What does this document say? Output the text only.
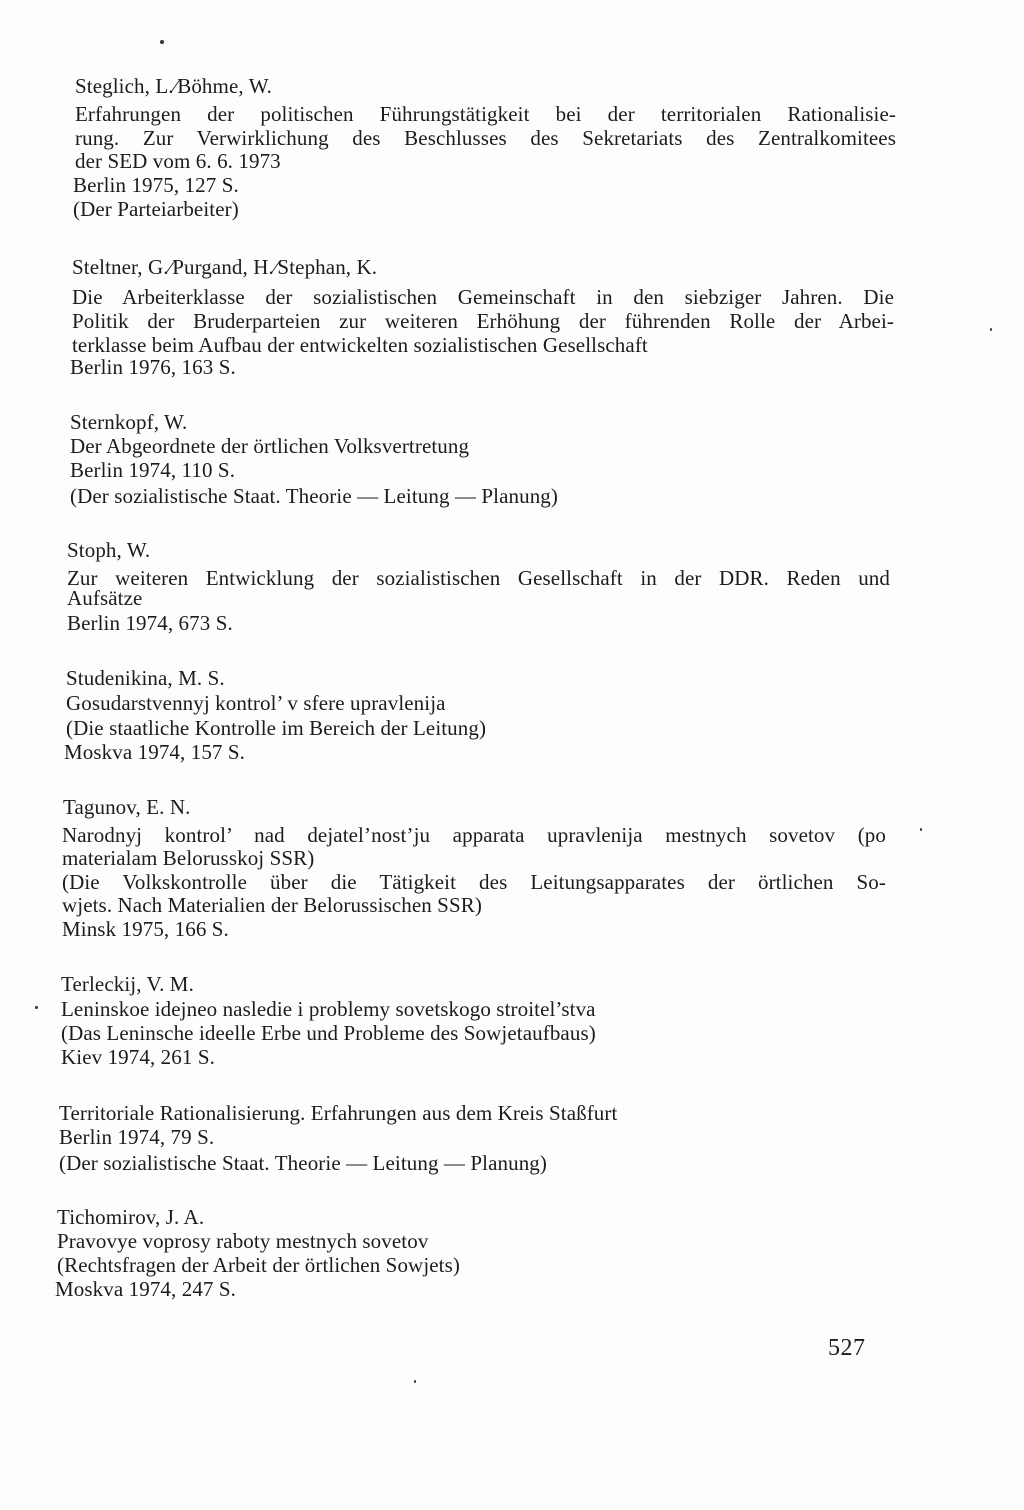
Steglich, L.⁄Böhme, W.
Erfahrungen der politischen Führungstätigkeit bei der territorialen Rationalisie-
rung. Zur Verwirklichung des Beschlusses des Sekretariats des Zentralkomitees
der SED vom 6. 6. 1973
Berlin 1975, 127 S.
(Der Parteiarbeiter)
Steltner, G.⁄Purgand, H.⁄Stephan, K.
Die Arbeiterklasse der sozialistischen Gemeinschaft in den siebziger Jahren. Die
Politik der Bruderparteien zur weiteren Erhöhung der führenden Rolle der Arbei-
terklasse beim Aufbau der entwickelten sozialistischen Gesellschaft
Berlin 1976, 163 S.
Sternkopf, W.
Der Abgeordnete der örtlichen Volksvertretung
Berlin 1974, 110 S.
(Der sozialistische Staat. Theorie — Leitung — Planung)
Stoph, W.
Zur weiteren Entwicklung der sozialistischen Gesellschaft in der DDR. Reden und
Aufsätze
Berlin 1974, 673 S.
Studenikina, M. S.
Gosudarstvennyj kontrol’ v sfere upravlenija
(Die staatliche Kontrolle im Bereich der Leitung)
Moskva 1974, 157 S.
Tagunov, E. N.
Narodnyj kontrol’ nad dejatel’nost’ju apparata upravlenija mestnych sovetov (po
materialam Belorusskoj SSR)
(Die Volkskontrolle über die Tätigkeit des Leitungsapparates der örtlichen So-
wjets. Nach Materialien der Belorussischen SSR)
Minsk 1975, 166 S.
Terleckij, V. M.
Leninskoe idejneo nasledie i problemy sovetskogo stroitel’stva
(Das Leninsche ideelle Erbe und Probleme des Sowjetaufbaus)
Kiev 1974, 261 S.
Territoriale Rationalisierung. Erfahrungen aus dem Kreis Staßfurt
Berlin 1974, 79 S.
(Der sozialistische Staat. Theorie — Leitung — Planung)
Tichomirov, J. A.
Pravovye voprosy raboty mestnych sovetov
(Rechtsfragen der Arbeit der örtlichen Sowjets)
Moskva 1974, 247 S.
527
